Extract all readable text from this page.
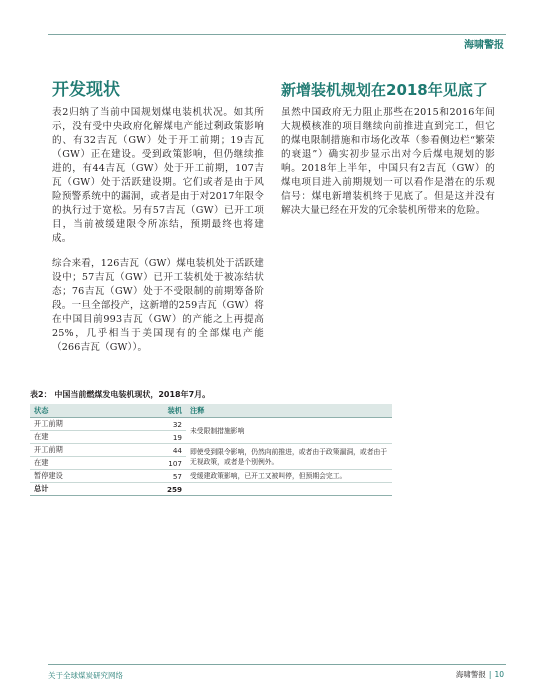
海啸警报
开发现状

表2归纳了当前中国规划煤电装机状况。如其所示，没有受中央政府化解煤电产能过剩政策影响的、有32吉瓦（GW）处于开工前期；19吉瓦（GW）正在建设。受到政策影响，但仍继续推进的，有44吉瓦（GW）处于开工前期，107吉瓦（GW）处于活跃建设期。它们或者是由于风险预警系统中的漏洞，或者是由于对2017年限令的执行过于宽松。另有57吉瓦（GW）已开工项目，当前被缓建限令所冻结，预期最终也将建成。

综合来看，126吉瓦（GW）煤电装机处于活跃建设中；57吉瓦（GW）已开工装机处于被冻结状态；76吉瓦（GW）处于不受限制的前期筹备阶段。一旦全部投产，这新增的259吉瓦（GW）将在中国目前993吉瓦（GW）的产能之上再提高25%，几乎相当于美国现有的全部煤电产能（266吉瓦（GW））。

新增装机规划在2018年见底了

虽然中国政府无力阻止那些在2015和2016年间大规模核准的项目继续向前推进直到完工，但它的煤电限制措施和市场化改革（参看侧边栏“繁荣的衰退”）确实初步显示出对今后煤电规划的影响。2018年上半年，中国只有2吉瓦（GW）的煤电项目进入前期规划一可以看作是潜在的乐观信号：煤电新增装机终于见底了。但是这并没有解决大量已经在开发的冗余装机所带来的危险。

表2： 中国当前燃煤发电装机现状，2018年7月。
状态	装机	注释
开工前期	32	未受限制措施影响
在建	19	
开工前期	44	即使受到限令影响，仍然向前推进，或者由于政策漏洞，或者由于无视政策，或者是个别例外。
在建	107	
暂停建设	57	受缓建政策影响，已开工又被叫停，但预期会完工。
总计	259	
关于全球煤炭研究网络	海啸警报 | 10
